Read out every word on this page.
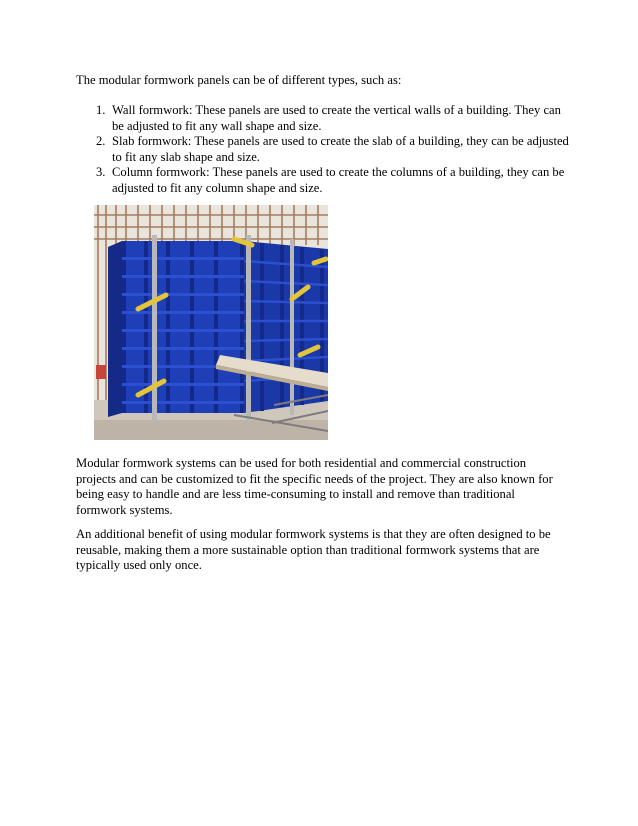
The modular formwork panels can be of different types, such as:

1. Wall formwork: These panels are used to create the vertical walls of a building. They can be adjusted to fit any wall shape and size.
2. Slab formwork: These panels are used to create the slab of a building, they can be adjusted to fit any slab shape and size.
3. Column formwork: These panels are used to create the columns of a building, they can be adjusted to fit any column shape and size.

Modular formwork systems can be used for both residential and commercial construction projects and can be customized to fit the specific needs of the project. They are also known for being easy to handle and are less time-consuming to install and remove than traditional formwork systems.

An additional benefit of using modular formwork systems is that they are often designed to be reusable, making them a more sustainable option than traditional formwork systems that are typically used only once.
